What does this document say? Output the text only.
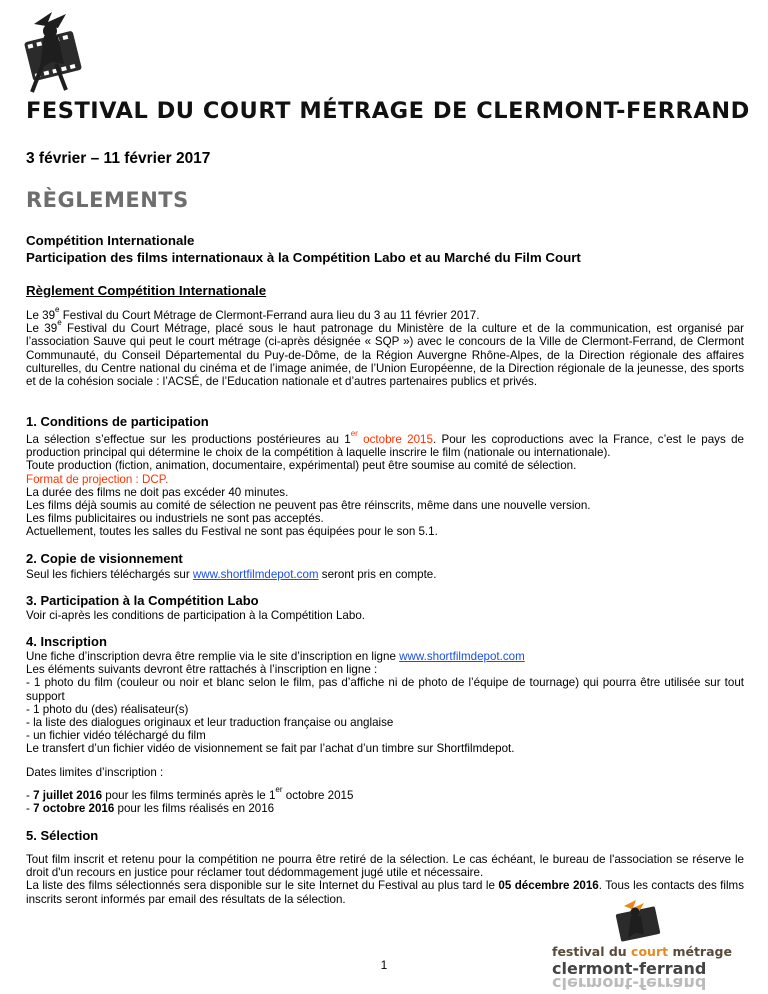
FESTIVAL DU COURT MÉTRAGE DE CLERMONT-FERRAND
3 février – 11 février 2017
RÈGLEMENTS
Compétition Internationale
Participation des films internationaux à la Compétition Labo et au Marché du Film Court
Règlement Compétition Internationale
Le 39e Festival du Court Métrage de Clermont-Ferrand aura lieu du 3 au 11 février 2017.
Le 39e Festival du Court Métrage, placé sous le haut patronage du Ministère de la culture et de la communication, est organisé par l’association Sauve qui peut le court métrage (ci-après désignée « SQP ») avec le concours de la Ville de Clermont-Ferrand, de Clermont Communauté, du Conseil Départemental du Puy-de-Dôme, de la Région Auvergne Rhône-Alpes, de la Direction régionale des affaires culturelles, du Centre national du cinéma et de l’image animée, de l’Union Européenne, de la Direction régionale de la jeunesse, des sports et de la cohésion sociale : l’ACSÉ, de l’Education nationale et d’autres partenaires publics et privés.
1. Conditions de participation
La sélection s’effectue sur les productions postérieures au 1er octobre 2015. Pour les coproductions avec la France, c’est le pays de production principal qui détermine le choix de la compétition à laquelle inscrire le film (nationale ou internationale).
Toute production (fiction, animation, documentaire, expérimental) peut être soumise au comité de sélection.
Format de projection : DCP.
La durée des films ne doit pas excéder 40 minutes.
Les films déjà soumis au comité de sélection ne peuvent pas être réinscrits, même dans une nouvelle version.
Les films publicitaires ou industriels ne sont pas acceptés.
Actuellement, toutes les salles du Festival ne sont pas équipées pour le son 5.1.
2. Copie de visionnement
Seul les fichiers téléchargés sur www.shortfilmdepot.com seront pris en compte.
3. Participation à la Compétition Labo
Voir ci-après les conditions de participation à la Compétition Labo.
4. Inscription
Une fiche d’inscription devra être remplie via le site d’inscription en ligne www.shortfilmdepot.com
Les éléments suivants devront être rattachés à l’inscription en ligne :
- 1 photo du film (couleur ou noir et blanc selon le film, pas d’affiche ni de photo de l’équipe de tournage) qui pourra être utilisée sur tout support
- 1 photo du (des) réalisateur(s)
- la liste des dialogues originaux et leur traduction française ou anglaise
- un fichier vidéo téléchargé du film
Le transfert d’un fichier vidéo de visionnement se fait par l’achat d’un timbre sur Shortfilmdepot.
Dates limites d’inscription :
- 7 juillet 2016 pour les films terminés après le 1er octobre 2015
- 7 octobre 2016 pour les films réalisés en 2016
5. Sélection
Tout film inscrit et retenu pour la compétition ne pourra être retiré de la sélection. Le cas échéant, le bureau de l'association se réserve le droit d'un recours en justice pour réclamer tout dédommagement jugé utile et nécessaire.
La liste des films sélectionnés sera disponible sur le site Internet du Festival au plus tard le 05 décembre 2016. Tous les contacts des films inscrits seront informés par email des résultats de la sélection.
1
festival du court métrage
clermont-ferrand
clermont-ferrand
